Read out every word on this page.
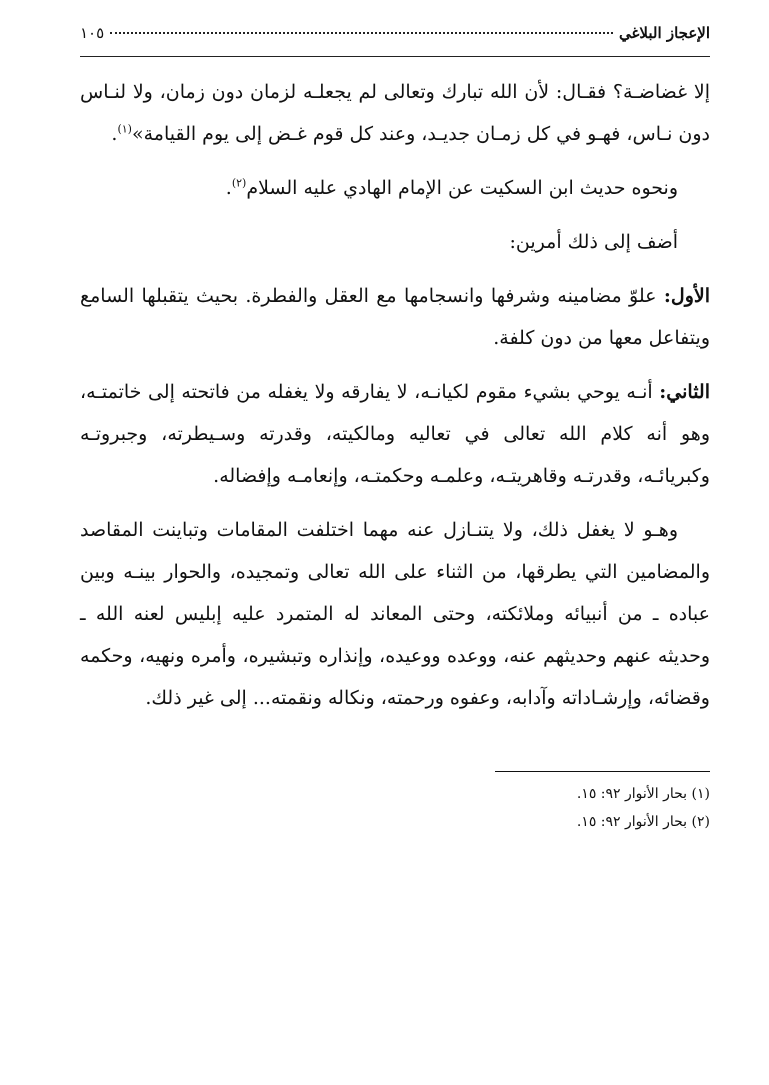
الإعجاز البلاغي
١٠٥

إلا غضاضـة؟ فقـال: لأن الله تبارك وتعالى لم يجعلـه لزمان دون زمان، ولا لنـاس دون نـاس، فهـو في كل زمـان جديـد، وعند كل قوم غـض إلى يوم القيامة»$^{(١)}$.

ونحوه حديث ابن السكيت عن الإمام الهادي عليه السلام$^{(٢)}$.

أضف إلى ذلك أمرين:

الأول: علوّ مضامينه وشرفها وانسجامها مع العقل والفطرة. بحيث يتقبلها السامع ويتفاعل معها من دون كلفة.

الثاني: أنـه يوحي بشيء مقوم لكيانـه، لا يفارقه ولا يغفله من فاتحته إلى خاتمتـه، وهو أنه كلام الله تعالى في تعاليه ومالكيته، وقدرته وسـيطرته، وجبروتـه وكبريائـه، وقدرتـه وقاهريتـه، وعلمـه وحكمتـه، وإنعامـه وإفضاله.

وهـو لا يغفل ذلك، ولا يتنـازل عنه مهما اختلفت المقامات وتباينت المقاصد والمضامين التي يطرقها، من الثناء على الله تعالى وتمجيده، والحوار بينـه وبين عباده ـ من أنبيائه وملائكته، وحتى المعاند له المتمرد عليه إبليس لعنه الله ـ وحديثه عنهم وحديثهم عنه، ووعده ووعيده، وإنذاره وتبشيره، وأمره ونهيه، وحكمه وقضائه، وإرشـاداته وآدابه، وعفوه ورحمته، ونكاله ونقمته... إلى غير ذلك.

(١) بحار الأنوار ٩٢: ١٥.
(٢) بحار الأنوار ٩٢: ١٥.
